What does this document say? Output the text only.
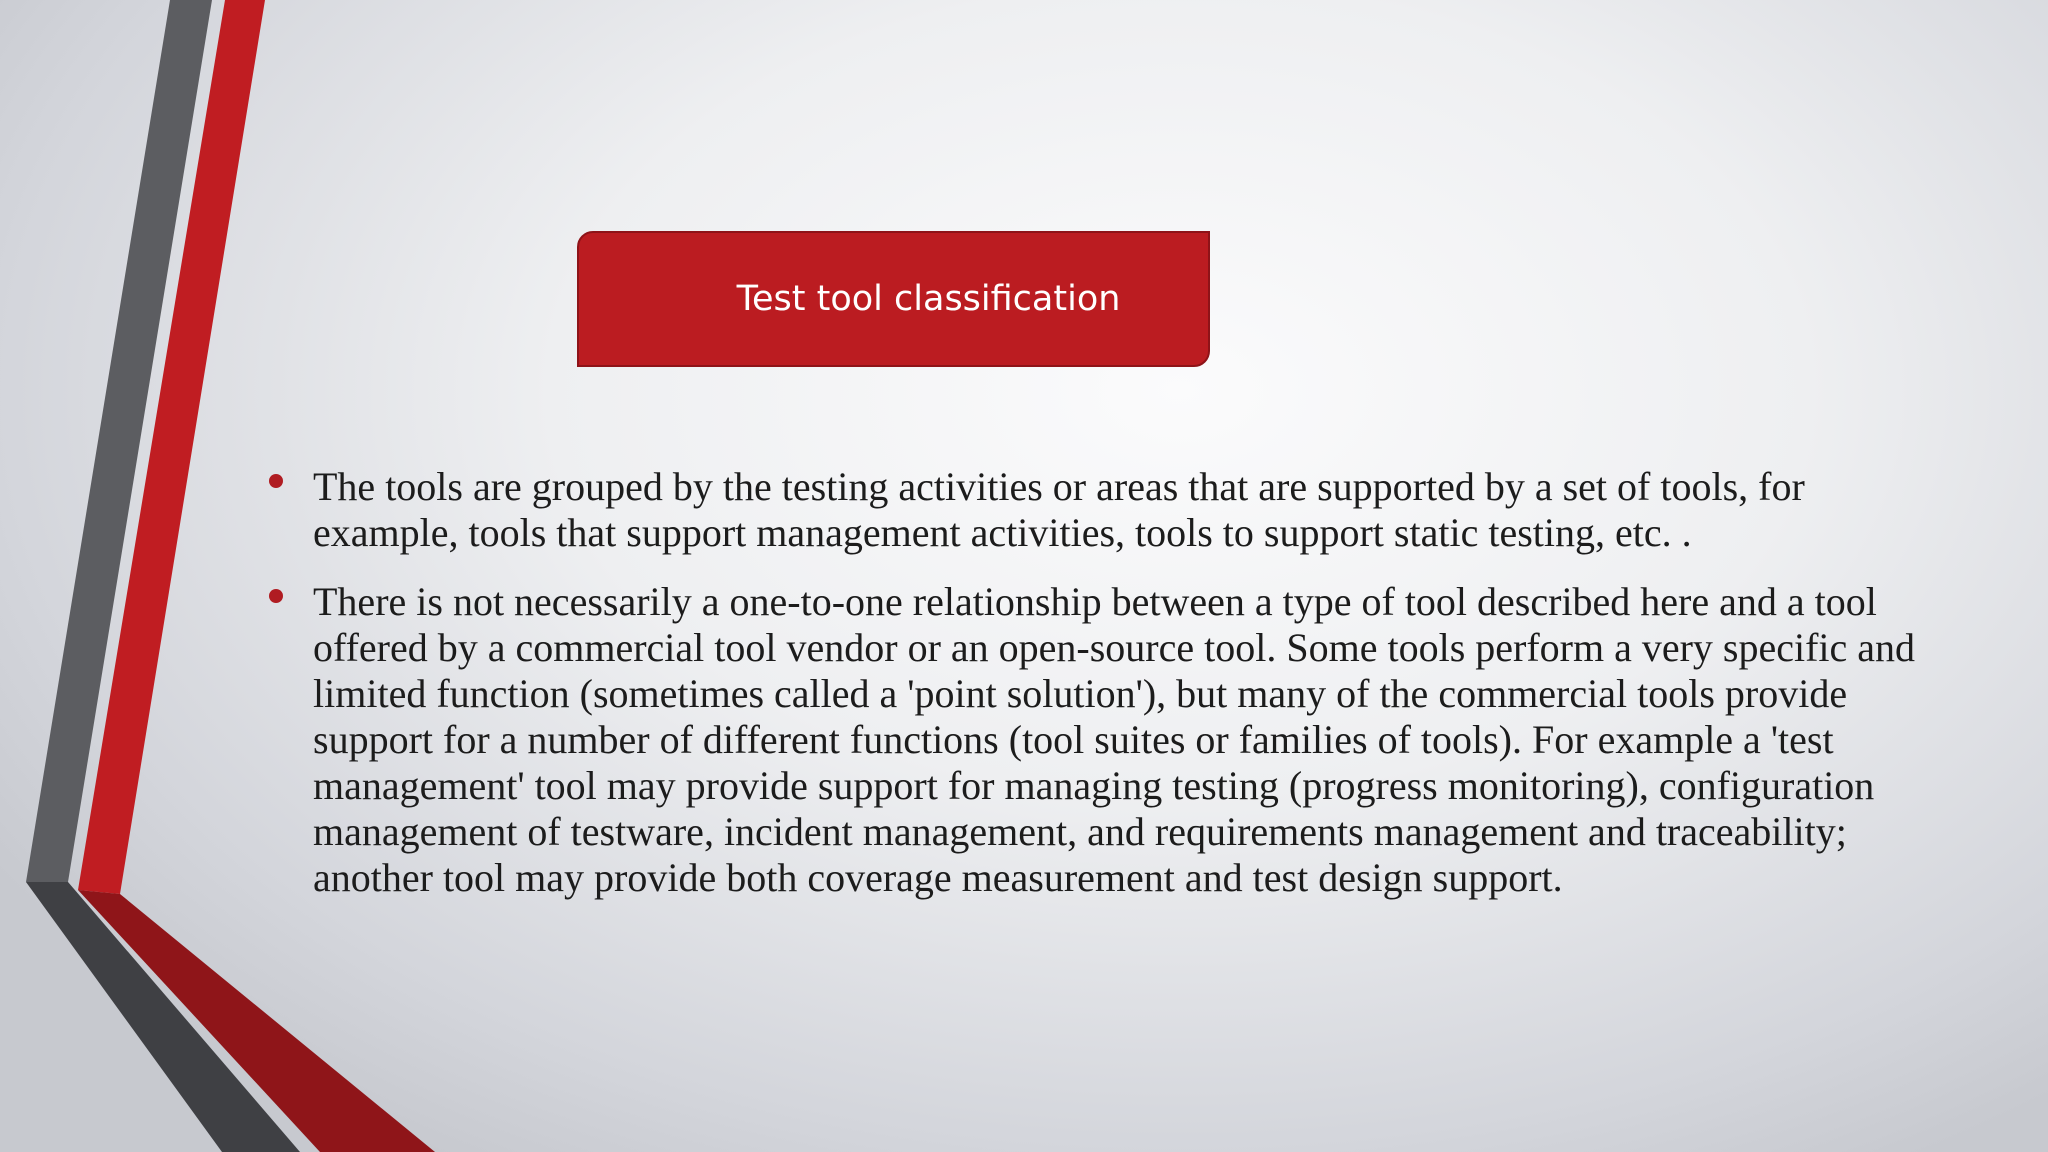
Test tool classification
The tools are grouped by the testing activities or areas that are supported by a set of tools, for example, tools that support management activities, tools to support static testing, etc. .
There is not necessarily a one-to-one relationship between a type of tool described here and a tool offered by a commercial tool vendor or an open-source tool. Some tools perform a very specific and limited function (sometimes called a 'point solution'), but many of the commercial tools provide support for a number of different functions (tool suites or families of tools). For example a 'test management' tool may provide support for managing testing (progress monitoring), configuration management of testware, incident management, and requirements management and traceability; another tool may provide both coverage measurement and test design support.
